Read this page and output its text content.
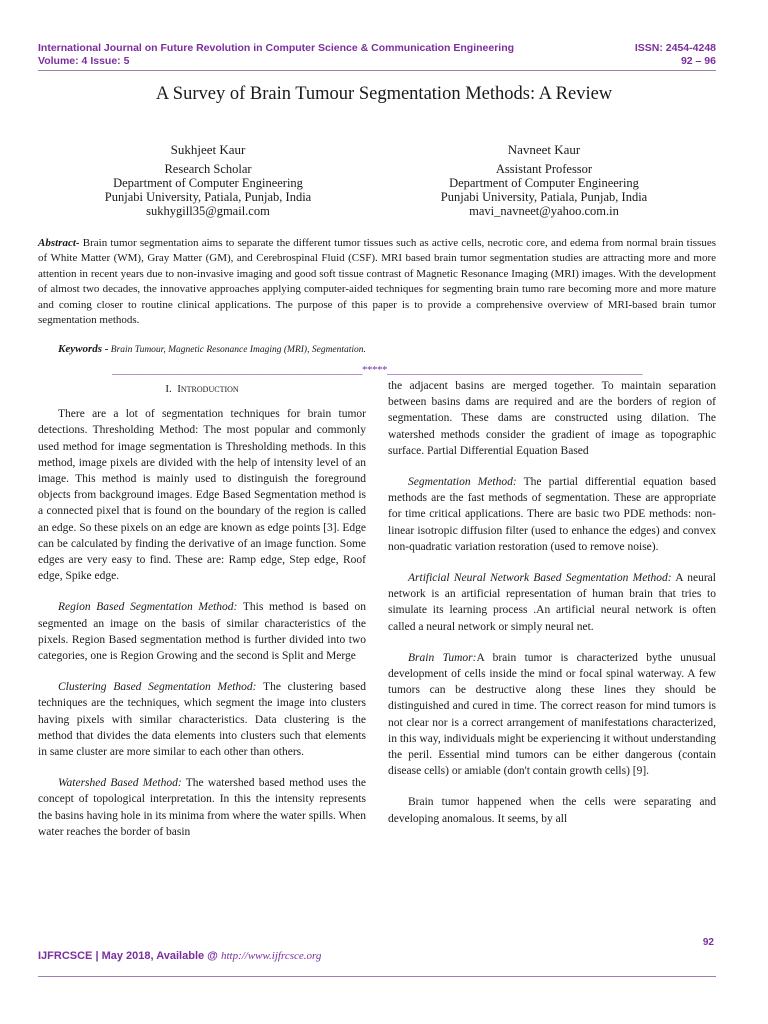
International Journal on Future Revolution in Computer Science & Communication Engineering
Volume: 4 Issue: 5
ISSN: 2454-4248
92 – 96
A Survey of Brain Tumour Segmentation Methods: A Review
Sukhjeet Kaur
Research Scholar
Department of Computer Engineering
Punjabi University, Patiala, Punjab, India
sukhygill35@gmail.com
Navneet Kaur
Assistant Professor
Department of Computer Engineering
Punjabi University, Patiala, Punjab, India
mavi_navneet@yahoo.com.in
Abstract- Brain tumor segmentation aims to separate the different tumor tissues such as active cells, necrotic core, and edema from normal brain tissues of White Matter (WM), Gray Matter (GM), and Cerebrospinal Fluid (CSF). MRI based brain tumor segmentation studies are attracting more and more attention in recent years due to non-invasive imaging and good soft tissue contrast of Magnetic Resonance Imaging (MRI) images. With the development of almost two decades, the innovative approaches applying computer-aided techniques for segmenting brain tumo rare becoming more and more mature and coming closer to routine clinical applications. The purpose of this paper is to provide a comprehensive overview of MRI-based brain tumor segmentation methods.
Keywords - Brain Tumour, Magnetic Resonance Imaging (MRI), Segmentation.
__________________________________________________*****___________________________________________________
I. Introduction

There are a lot of segmentation techniques for brain tumor detections. Thresholding Method: The most popular and commonly used method for image segmentation is Thresholding methods. In this method, image pixels are divided with the help of intensity level of an image. This method is mainly used to distinguish the foreground objects from background images. Edge Based Segmentation method is a connected pixel that is found on the boundary of the region is called an edge. So these pixels on an edge are known as edge points [3]. Edge can be calculated by finding the derivative of an image function. Some edges are very easy to find. These are: Ramp edge, Step edge, Roof edge, Spike edge.

Region Based Segmentation Method: This method is based on segmented an image on the basis of similar characteristics of the pixels. Region Based segmentation method is further divided into two categories, one is Region Growing and the second is Split and Merge

Clustering Based Segmentation Method: The clustering based techniques are the techniques, which segment the image into clusters having pixels with similar characteristics. Data clustering is the method that divides the data elements into clusters such that elements in same cluster are more similar to each other than others.

Watershed Based Method: The watershed based method uses the concept of topological interpretation. In this the intensity represents the basins having hole in its minima from where the water spills. When water reaches the border of basin

the adjacent basins are merged together. To maintain separation between basins dams are required and are the borders of region of segmentation. These dams are constructed using dilation. The watershed methods consider the gradient of image as topographic surface. Partial Differential Equation Based

Segmentation Method: The partial differential equation based methods are the fast methods of segmentation. These are appropriate for time critical applications. There are basic two PDE methods: non-linear isotropic diffusion filter (used to enhance the edges) and convex non-quadratic variation restoration (used to remove noise).

Artificial Neural Network Based Segmentation Method: A neural network is an artificial representation of human brain that tries to simulate its learning process .An artificial neural network is often called a neural network or simply neural net.

Brain Tumor:A brain tumor is characterized bythe unusual development of cells inside the mind or focal spinal waterway. A few tumors can be destructive along these lines they should be distinguished and cured in time. The correct reason for mind tumors is not clear nor is a correct arrangement of manifestations characterized, in this way, individuals might be experiencing it without understanding the peril. Essential mind tumors can be either dangerous (contain disease cells) or amiable (don't contain growth cells) [9].

Brain tumor happened when the cells were separating and developing anomalous. It seems, by all

92
IJFRCSCE | May 2018, Available @ http://www.ijfrcsce.org
